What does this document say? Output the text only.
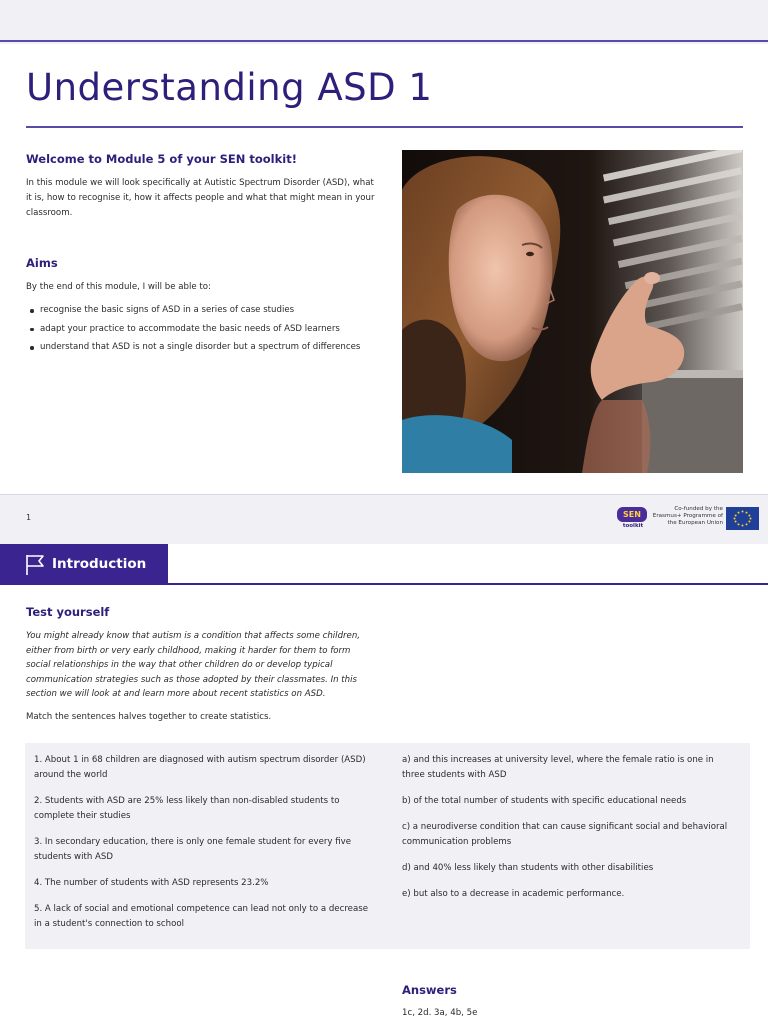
Understanding ASD 1
Welcome to Module 5 of your SEN toolkit!

In this module we will look specifically at Autistic Spectrum Disorder (ASD), what it is, how to recognise it, how it affects people and what that might mean in your classroom.

Aims

By the end of this module, I will be able to:

recognise the basic signs of ASD in a series of case studies
adapt your practice to accommodate the basic needs of ASD learners
understand that ASD is not a single disorder but a spectrum of differences
1	SEN
toolkit
Co-funded by the Erasmus+ Programme of the European Union
Introduction
Test yourself

You might already know that autism is a condition that affects some children, either from birth or very early childhood, making it harder for them to form social relationships in the way that other children do or develop typical communication strategies such as those adopted by their classmates. In this section we will look at and learn more about recent statistics on ASD.

Match the sentences halves together to create statistics.

1. About 1 in 68 children are diagnosed with autism spectrum disorder (ASD) around the world

2. Students with ASD are 25% less likely than non-disabled students to complete their studies

3. In secondary education, there is only one female student for every five students with ASD

4. The number of students with ASD represents 23.2%

5. A lack of social and emotional competence can lead not only to a decrease in a student's connection to school

a) and this increases at university level, where the female ratio is one in three students with ASD

b) of the total number of students with specific educational needs

c) a neurodiverse condition that can cause significant social and behavioral communication problems

d) and 40% less likely than students with other disabilities

e) but also to a decrease in academic performance.

Answers

1c, 2d. 3a, 4b, 5e
